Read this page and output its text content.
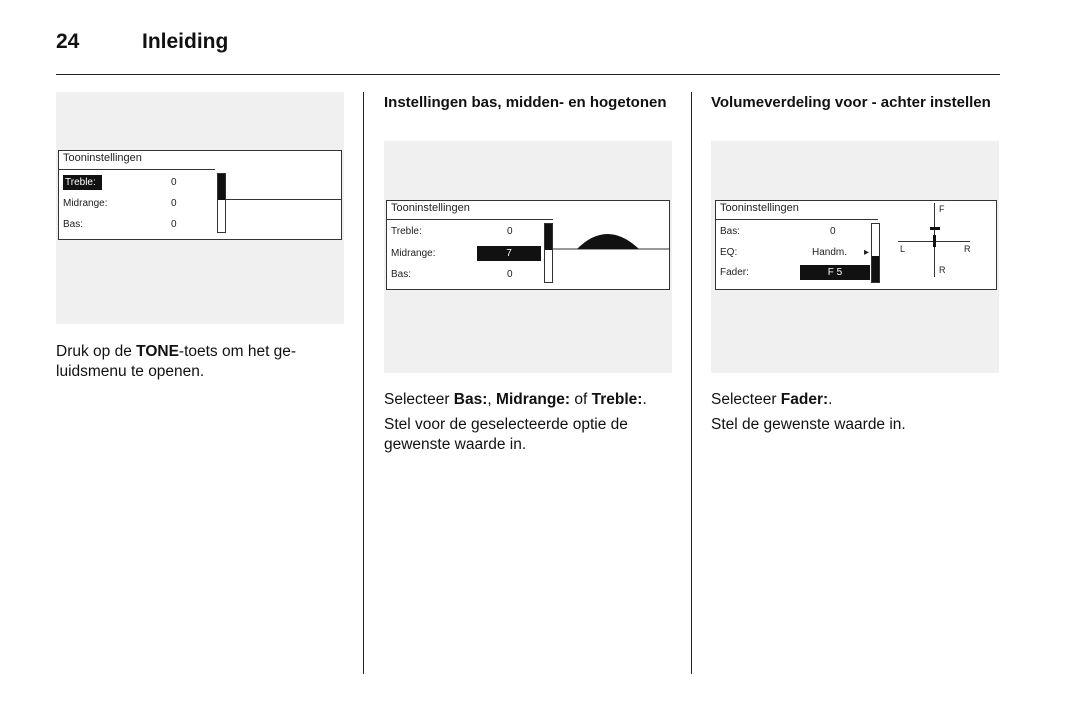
24	Inleiding
Tooninstellingen
Treble:	0
Midrange:	0
Bas:	0
Druk op de TONE-toets om het ge-luidsmenu te openen.
Instellingen bas, midden- en hogetonen
Tooninstellingen
Treble:	0
Midrange:	7
Bas:	0
Selecteer Bas:, Midrange: of Treble:.
Stel voor de geselecteerde optie de gewenste waarde in.
Volumeverdeling voor - achter instellen
Tooninstellingen
Bas:	0
EQ:	Handm. ▸
Fader:	F 5
F
R
L	R
Selecteer Fader:.
Stel de gewenste waarde in.
